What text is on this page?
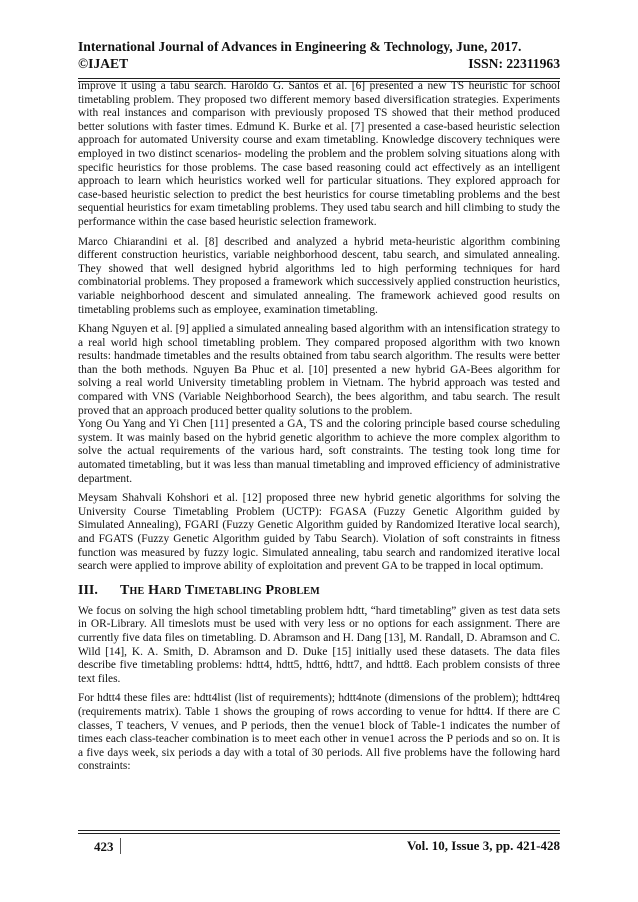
International Journal of Advances in Engineering & Technology, June, 2017.
©IJAET	ISSN: 22311963

improve it using a tabu search. Haroldo G. Santos et al. [6] presented a new TS heuristic for school timetabling problem. They proposed two different memory based diversification strategies. Experiments with real instances and comparison with previously proposed TS showed that their method produced better solutions with faster times. Edmund K. Burke et al. [7] presented a case-based heuristic selection approach for automated University course and exam timetabling. Knowledge discovery techniques were employed in two distinct scenarios- modeling the problem and the problem solving situations along with specific heuristics for those problems. The case based reasoning could act effectively as an intelligent approach to learn which heuristics worked well for particular situations. They explored approach for case-based heuristic selection to predict the best heuristics for course timetabling problems and the best sequential heuristics for exam timetabling problems. They used tabu search and hill climbing to study the performance within the case based heuristic selection framework.

Marco Chiarandini et al. [8] described and analyzed a hybrid meta-heuristic algorithm combining different construction heuristics, variable neighborhood descent, tabu search, and simulated annealing. They showed that well designed hybrid algorithms led to high performing techniques for hard combinatorial problems. They proposed a framework which successively applied construction heuristics, variable neighborhood descent and simulated annealing. The framework achieved good results on timetabling problems such as employee, examination timetabling.

Khang Nguyen et al. [9] applied a simulated annealing based algorithm with an intensification strategy to a real world high school timetabling problem. They compared proposed algorithm with two known results: handmade timetables and the results obtained from tabu search algorithm. The results were better than the both methods. Nguyen Ba Phuc et al. [10] presented a new hybrid GA-Bees algorithm for solving a real world University timetabling problem in Vietnam. The hybrid approach was tested and compared with VNS (Variable Neighborhood Search), the bees algorithm, and tabu search. The result proved that an approach produced better quality solutions to the problem.

Yong Ou Yang and Yi Chen [11] presented a GA, TS and the coloring principle based course scheduling system. It was mainly based on the hybrid genetic algorithm to achieve the more complex algorithm to solve the actual requirements of the various hard, soft constraints. The testing took long time for automated timetabling, but it was less than manual timetabling and improved efficiency of administrative department.

Meysam Shahvali Kohshori et al. [12] proposed three new hybrid genetic algorithms for solving the University Course Timetabling Problem (UCTP): FGASA (Fuzzy Genetic Algorithm guided by Simulated Annealing), FGARI (Fuzzy Genetic Algorithm guided by Randomized Iterative local search), and FGATS (Fuzzy Genetic Algorithm guided by Tabu Search). Violation of soft constraints in fitness function was measured by fuzzy logic. Simulated annealing, tabu search and randomized iterative local search were applied to improve ability of exploitation and prevent GA to be trapped in local optimum.

III.	The Hard Timetabling Problem

We focus on solving the high school timetabling problem hdtt, “hard timetabling” given as test data sets in OR-Library. All timeslots must be used with very less or no options for each assignment. There are currently five data files on timetabling. D. Abramson and H. Dang [13], M. Randall, D. Abramson and C. Wild [14], K. A. Smith, D. Abramson and D. Duke [15] initially used these datasets. The data files describe five timetabling problems: hdtt4, hdtt5, hdtt6, hdtt7, and hdtt8. Each problem consists of three text files.

For hdtt4 these files are: hdtt4list (list of requirements); hdtt4note (dimensions of the problem); hdtt4req (requirements matrix). Table 1 shows the grouping of rows according to venue for hdtt4. If there are C classes, T teachers, V venues, and P periods, then the venue1 block of Table-1 indicates the number of times each class-teacher combination is to meet each other in venue1 across the P periods and so on. It is a five days week, six periods a day with a total of 30 periods. All five problems have the following hard constraints:

423	Vol. 10, Issue 3, pp. 421-428
